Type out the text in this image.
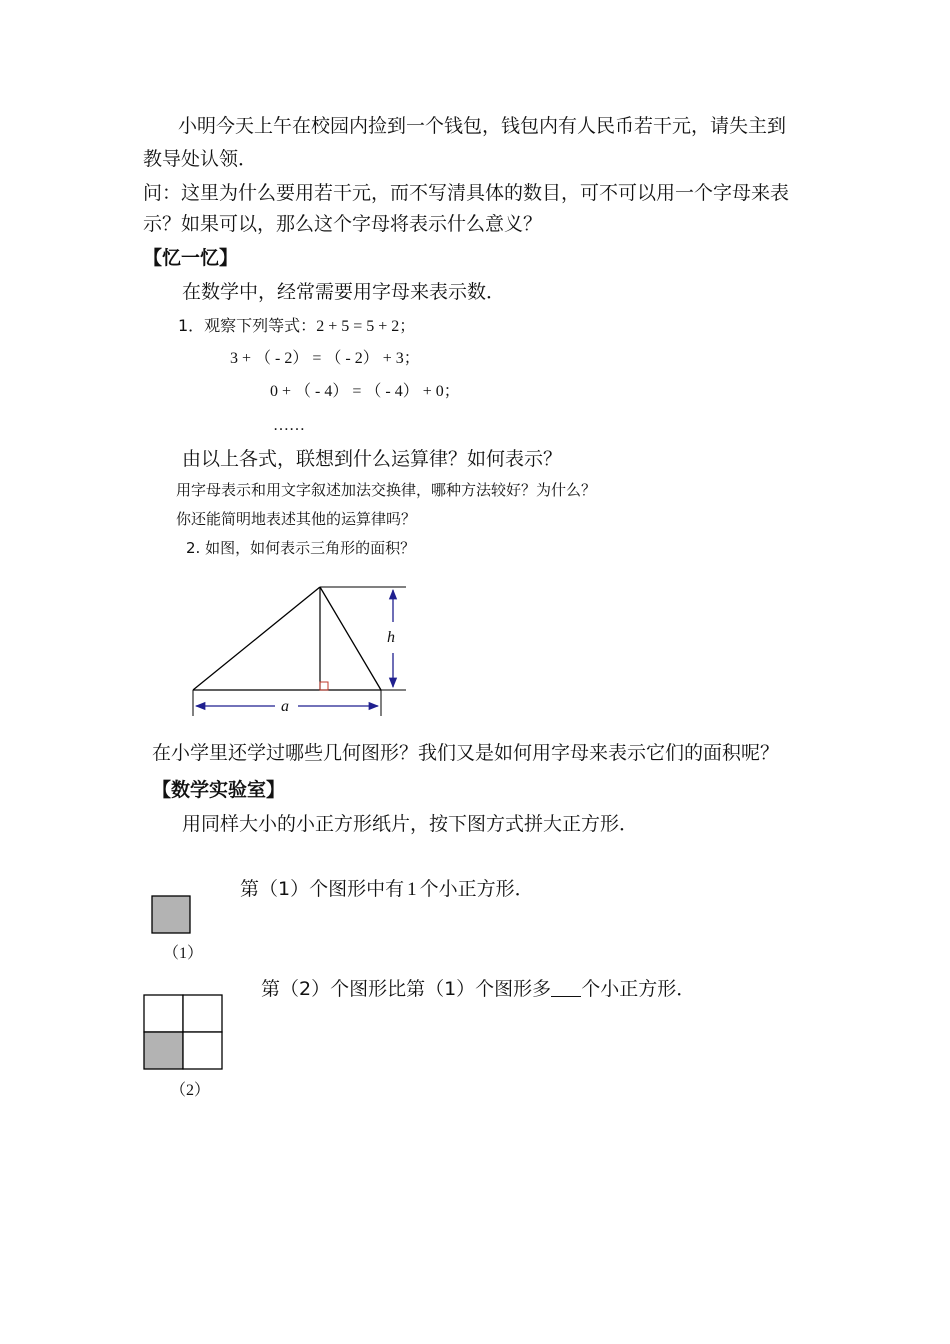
小明今天上午在校园内捡到一个钱包，钱包内有人民币若干元，请失主到
教导处认领．
问：这里为什么要用若干元，而不写清具体的数目，可不可以用一个字母来表
示？如果可以，那么这个字母将表示什么意义？
【忆一忆】
在数学中，经常需要用字母来表示数．
1．观察下列等式：2 + 5 = 5 + 2；
3 + （ - 2） = （ - 2） + 3；
0 + （ - 4） = （ - 4） + 0；
……
由以上各式，联想到什么运算律？如何表示？
用字母表示和用文字叙述加法交换律，哪种方法较好？为什么？
你还能简明地表述其他的运算律吗？
2. 如图，如何表示三角形的面积？
h
a
在小学里还学过哪些几何图形？我们又是如何用字母来表示它们的面积呢？
【数学实验室】
用同样大小的小正方形纸片，按下图方式拼大正方形．
第（1）个图形中有 1 个小正方形．
（1）
第（2）个图形比第（1）个图形多 个小正方形．
（2）
